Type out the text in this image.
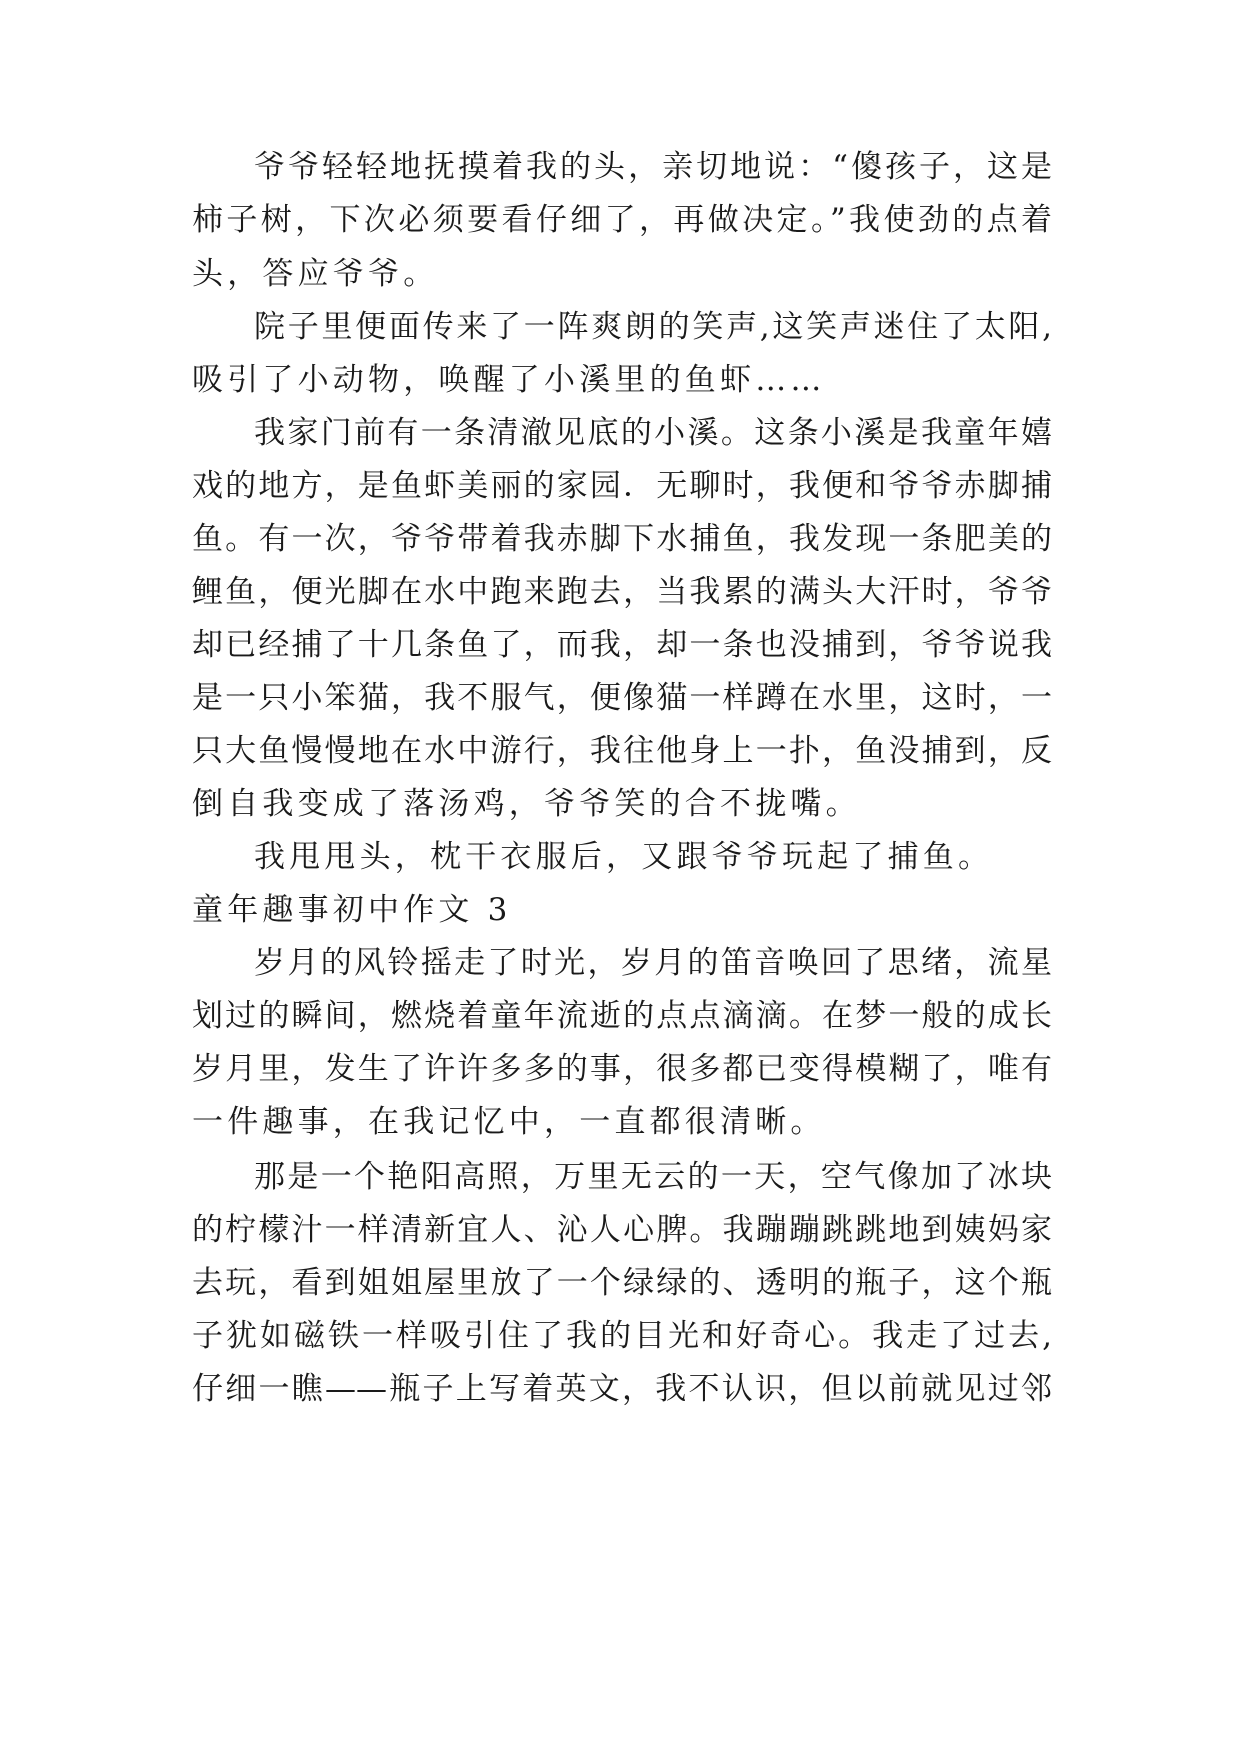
爷爷轻轻地抚摸着我的头，亲切地说：“傻孩子，这是
柿子树，下次必须要看仔细了，再做决定。”我使劲的点着
头，答应爷爷。
院子里便面传来了一阵爽朗的笑声,这笑声迷住了太阳,
吸引了小动物，唤醒了小溪里的鱼虾……
我家门前有一条清澈见底的小溪。这条小溪是我童年嬉
戏的地方，是鱼虾美丽的家园．无聊时，我便和爷爷赤脚捕
鱼。有一次，爷爷带着我赤脚下水捕鱼，我发现一条肥美的
鲤鱼，便光脚在水中跑来跑去，当我累的满头大汗时，爷爷
却已经捕了十几条鱼了，而我，却一条也没捕到，爷爷说我
是一只小笨猫，我不服气，便像猫一样蹲在水里，这时，一
只大鱼慢慢地在水中游行，我往他身上一扑，鱼没捕到，反
倒自我变成了落汤鸡，爷爷笑的合不拢嘴。
我甩甩头，枕干衣服后，又跟爷爷玩起了捕鱼。
童年趣事初中作文 3
岁月的风铃摇走了时光，岁月的笛音唤回了思绪，流星
划过的瞬间，燃烧着童年流逝的点点滴滴。在梦一般的成长
岁月里，发生了许许多多的事，很多都已变得模糊了，唯有
一件趣事，在我记忆中，一直都很清晰。
那是一个艳阳高照，万里无云的一天，空气像加了冰块
的柠檬汁一样清新宜人、沁人心脾。我蹦蹦跳跳地到姨妈家
去玩，看到姐姐屋里放了一个绿绿的、透明的瓶子，这个瓶
子犹如磁铁一样吸引住了我的目光和好奇心。我走了过去,
仔细一瞧——瓶子上写着英文，我不认识，但以前就见过邻
